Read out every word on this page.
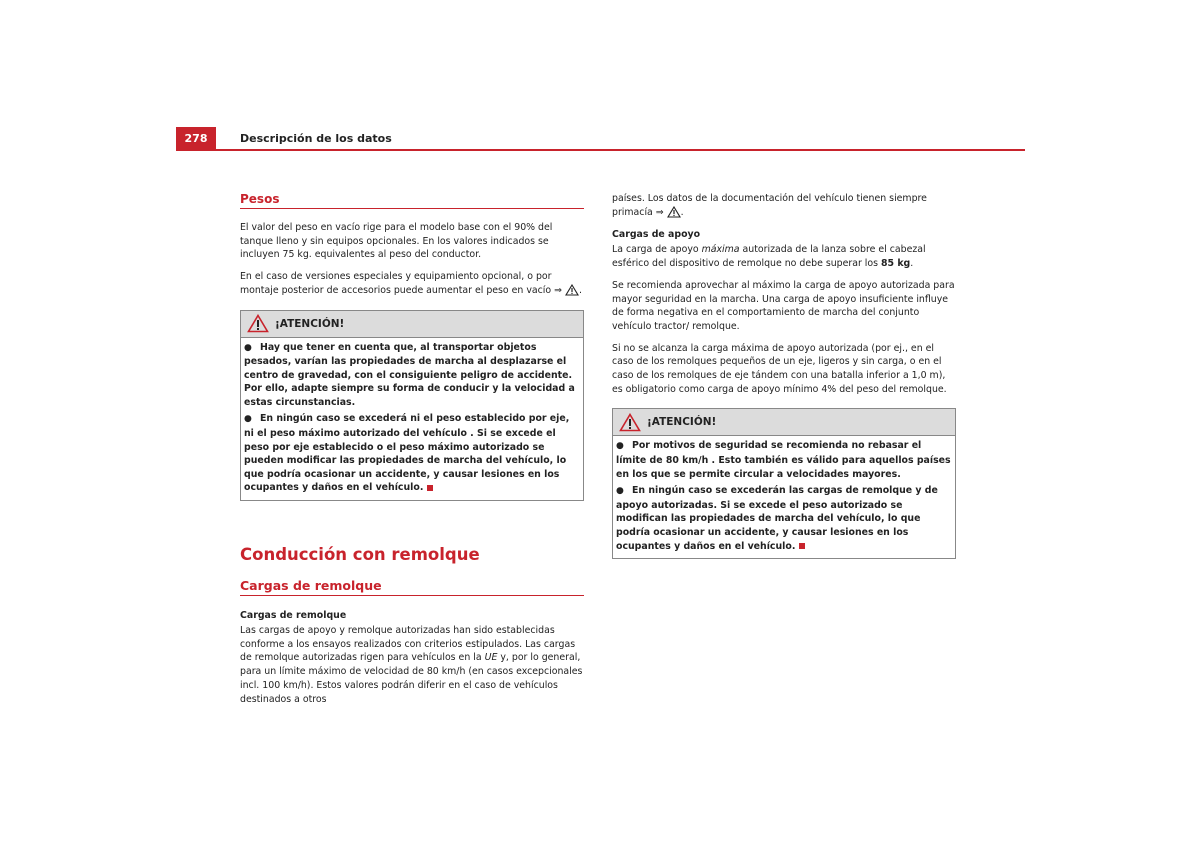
278	Descripción de los datos
Pesos

El valor del peso en vacío rige para el modelo base con el 90% del tanque lleno y sin equipos opcionales. En los valores indicados se incluyen 75 kg. equivalentes al peso del conductor.

En el caso de versiones especiales y equipamiento opcional, o por montaje posterior de accesorios puede aumentar el peso en vacío ⇒ .

¡ATENCIÓN!

● Hay que tener en cuenta que, al transportar objetos pesados, varían las propiedades de marcha al desplazarse el centro de gravedad, con el consiguiente peligro de accidente. Por ello, adapte siempre su forma de conducir y la velocidad a estas circunstancias.

● En ningún caso se excederá ni el peso establecido por eje, ni el peso máximo autorizado del vehículo . Si se excede el peso por eje establecido o el peso máximo autorizado se pueden modificar las propiedades de marcha del vehículo, lo que podría ocasionar un accidente, y causar lesiones en los ocupantes y daños en el vehículo.

Conducción con remolque
Cargas de remolque
Cargas de remolque

Las cargas de apoyo y remolque autorizadas han sido establecidas conforme a los ensayos realizados con criterios estipulados. Las cargas de remolque autorizadas rigen para vehículos en la UE y, por lo general, para un límite máximo de velocidad de 80 km/h (en casos excepcionales incl. 100 km/h). Estos valores podrán diferir en el caso de vehículos destinados a otros

países. Los datos de la documentación del vehículo tienen siempre primacía ⇒ .

Cargas de apoyo

La carga de apoyo máxima autorizada de la lanza sobre el cabezal esférico del dispositivo de remolque no debe superar los 85 kg.

Se recomienda aprovechar al máximo la carga de apoyo autorizada para mayor seguridad en la marcha. Una carga de apoyo insuficiente influye de forma negativa en el comportamiento de marcha del conjunto vehículo tractor/ remolque.

Si no se alcanza la carga máxima de apoyo autorizada (por ej., en el caso de los remolques pequeños de un eje, ligeros y sin carga, o en el caso de los remolques de eje tándem con una batalla inferior a 1,0 m), es obligatorio como carga de apoyo mínimo 4% del peso del remolque.

¡ATENCIÓN!

● Por motivos de seguridad se recomienda no rebasar el límite de 80 km/h . Esto también es válido para aquellos países en los que se permite circular a velocidades mayores.

● En ningún caso se excederán las cargas de remolque y de apoyo autorizadas. Si se excede el peso autorizado se modifican las propiedades de marcha del vehículo, lo que podría ocasionar un accidente, y causar lesiones en los ocupantes y daños en el vehículo.
